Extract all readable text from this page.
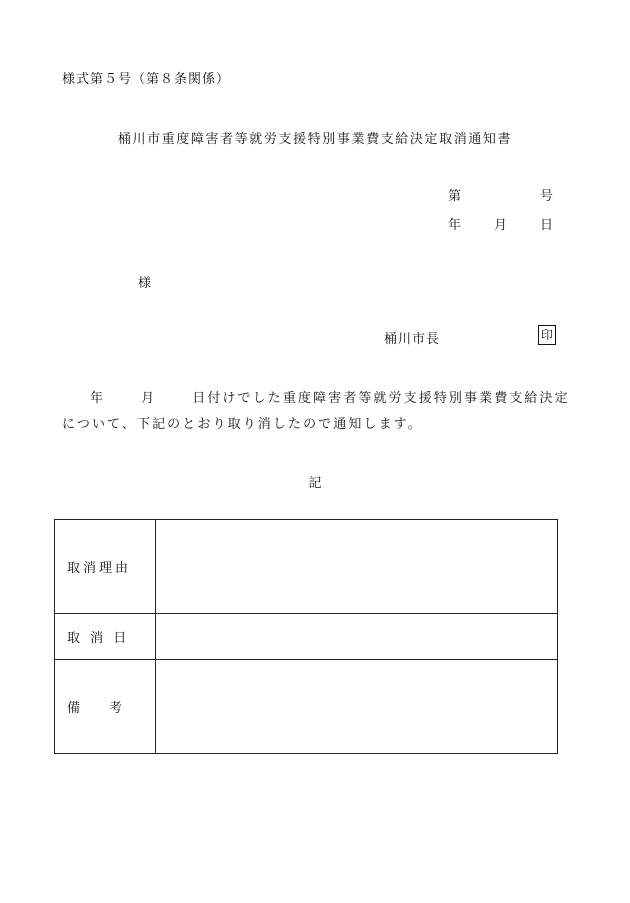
様式第５号（第８条関係）
桶川市重度障害者等就労支援特別事業費支給決定取消通知書
第	号
年	月	日
様
桶川市長	印
年	月	日付けでした重度障害者等就労支援特別事業費支給決定
について、下記のとおり取り消したので通知します。
記
取消理由	
取 消 日	

備 考	
